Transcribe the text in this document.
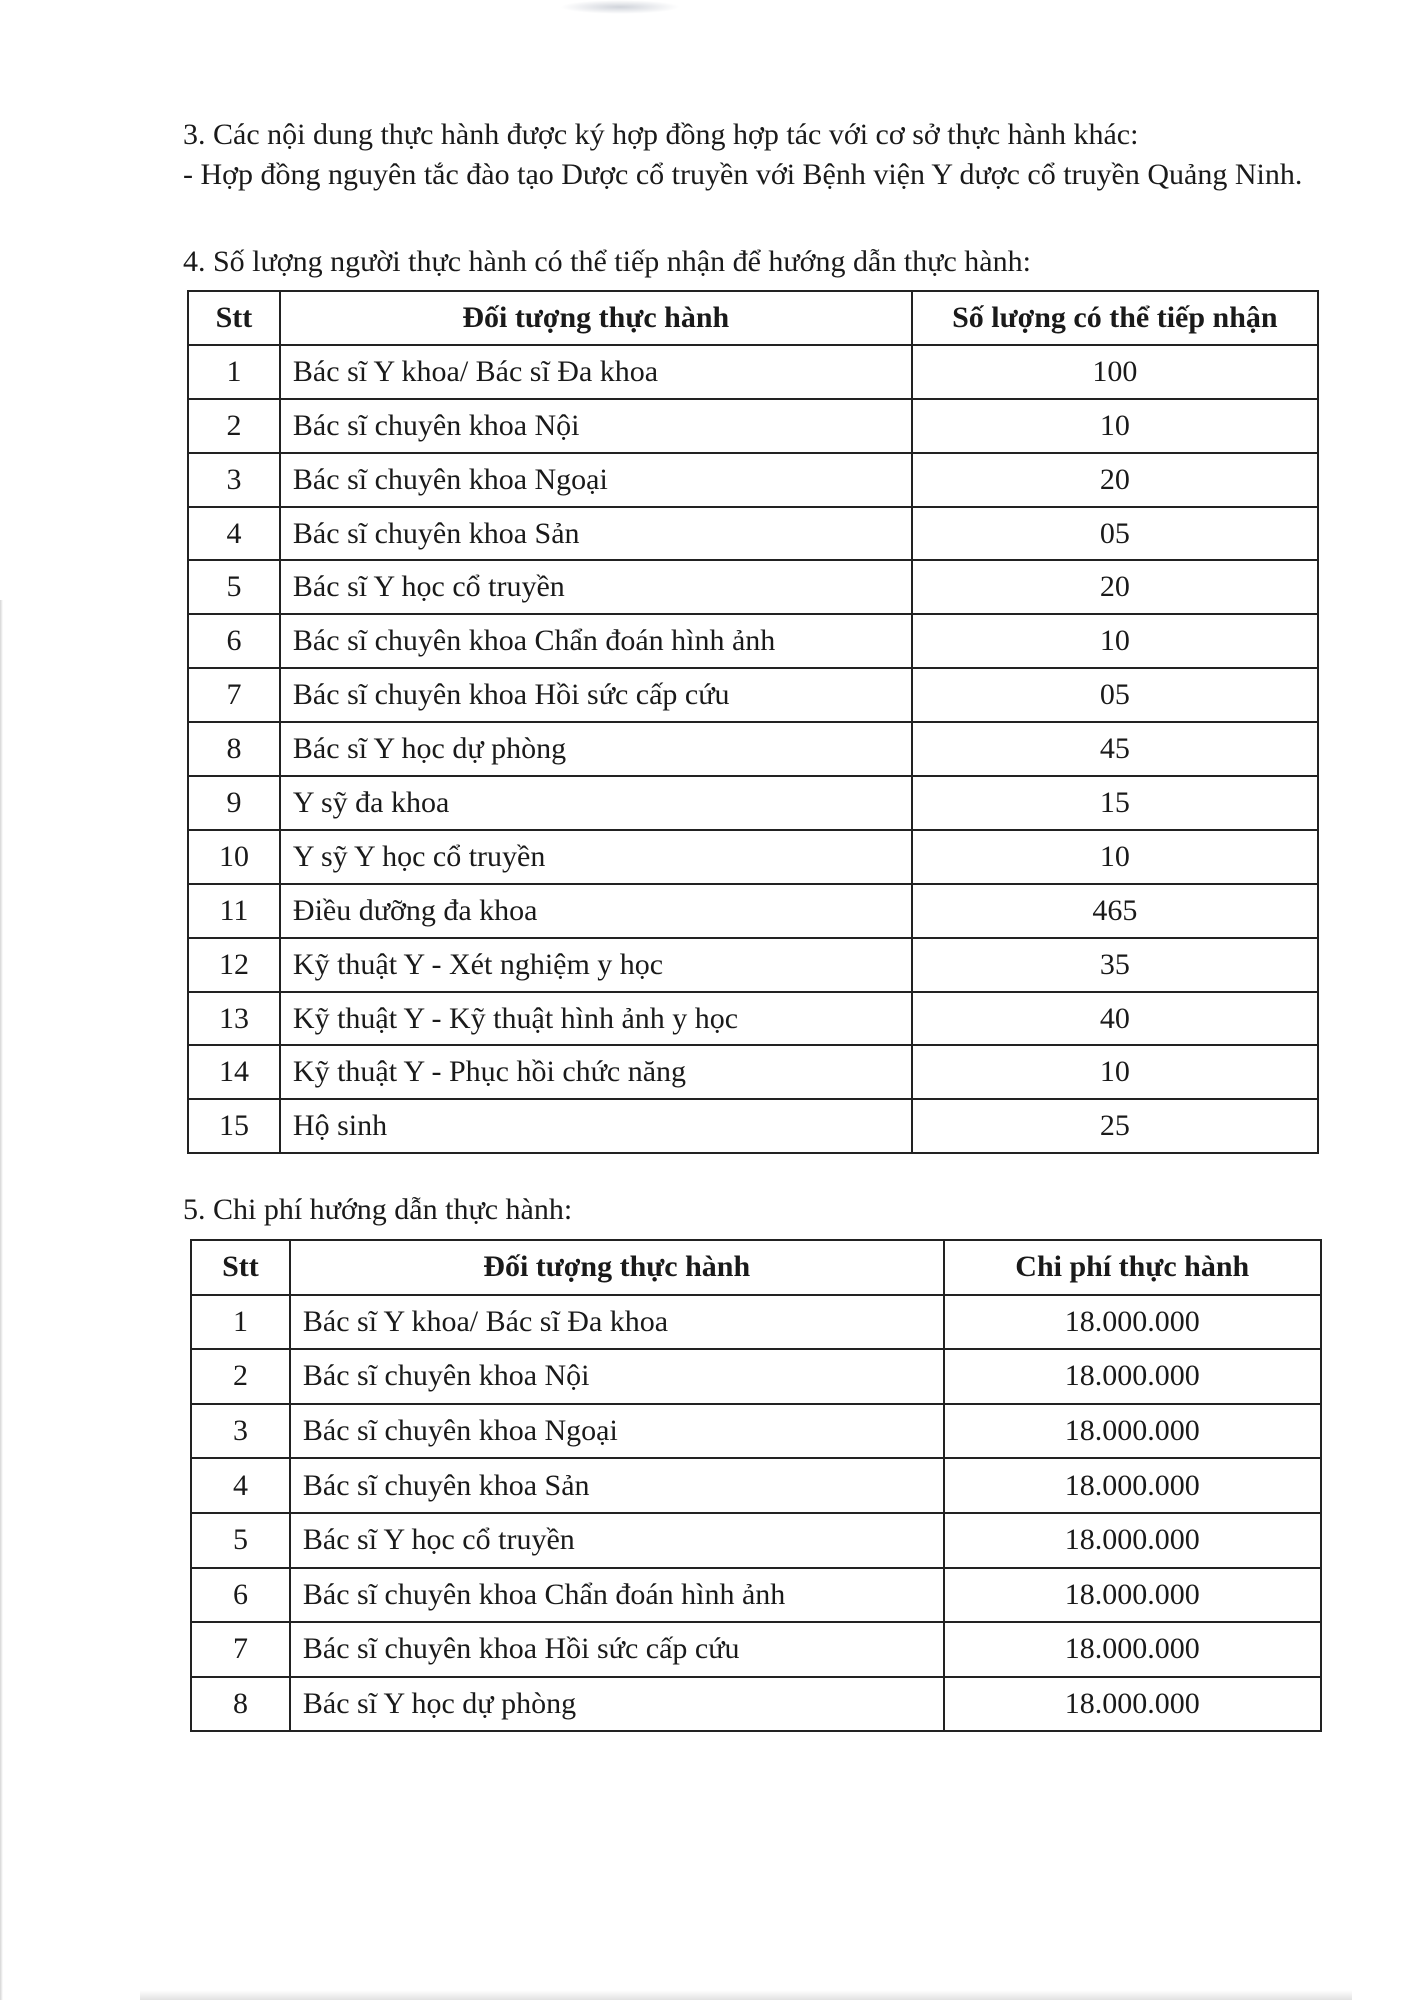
3. Các nội dung thực hành được ký hợp đồng hợp tác với cơ sở thực hành khác:
- Hợp đồng nguyên tắc đào tạo Dược cổ truyền với Bệnh viện Y dược cổ truyền Quảng Ninh.
4. Số lượng người thực hành có thể tiếp nhận để hướng dẫn thực hành:
Stt	Đối tượng thực hành	Số lượng có thể tiếp nhận
1	Bác sĩ Y khoa/ Bác sĩ Đa khoa	100
2	Bác sĩ chuyên khoa Nội	10
3	Bác sĩ chuyên khoa Ngoại	20
4	Bác sĩ chuyên khoa Sản	05
5	Bác sĩ Y học cổ truyền	20
6	Bác sĩ chuyên khoa Chẩn đoán hình ảnh	10
7	Bác sĩ chuyên khoa Hồi sức cấp cứu	05
8	Bác sĩ Y học dự phòng	45
9	Y sỹ đa khoa	15
10	Y sỹ Y học cổ truyền	10
11	Điều dưỡng đa khoa	465
12	Kỹ thuật Y - Xét nghiệm y học	35
13	Kỹ thuật Y - Kỹ thuật hình ảnh y học	40
14	Kỹ thuật Y - Phục hồi chức năng	10
15	Hộ sinh	25
5. Chi phí hướng dẫn thực hành:
Stt	Đối tượng thực hành	Chi phí thực hành
1	Bác sĩ Y khoa/ Bác sĩ Đa khoa	18.000.000
2	Bác sĩ chuyên khoa Nội	18.000.000
3	Bác sĩ chuyên khoa Ngoại	18.000.000
4	Bác sĩ chuyên khoa Sản	18.000.000
5	Bác sĩ Y học cổ truyền	18.000.000
6	Bác sĩ chuyên khoa Chẩn đoán hình ảnh	18.000.000
7	Bác sĩ chuyên khoa Hồi sức cấp cứu	18.000.000
8	Bác sĩ Y học dự phòng	18.000.000
